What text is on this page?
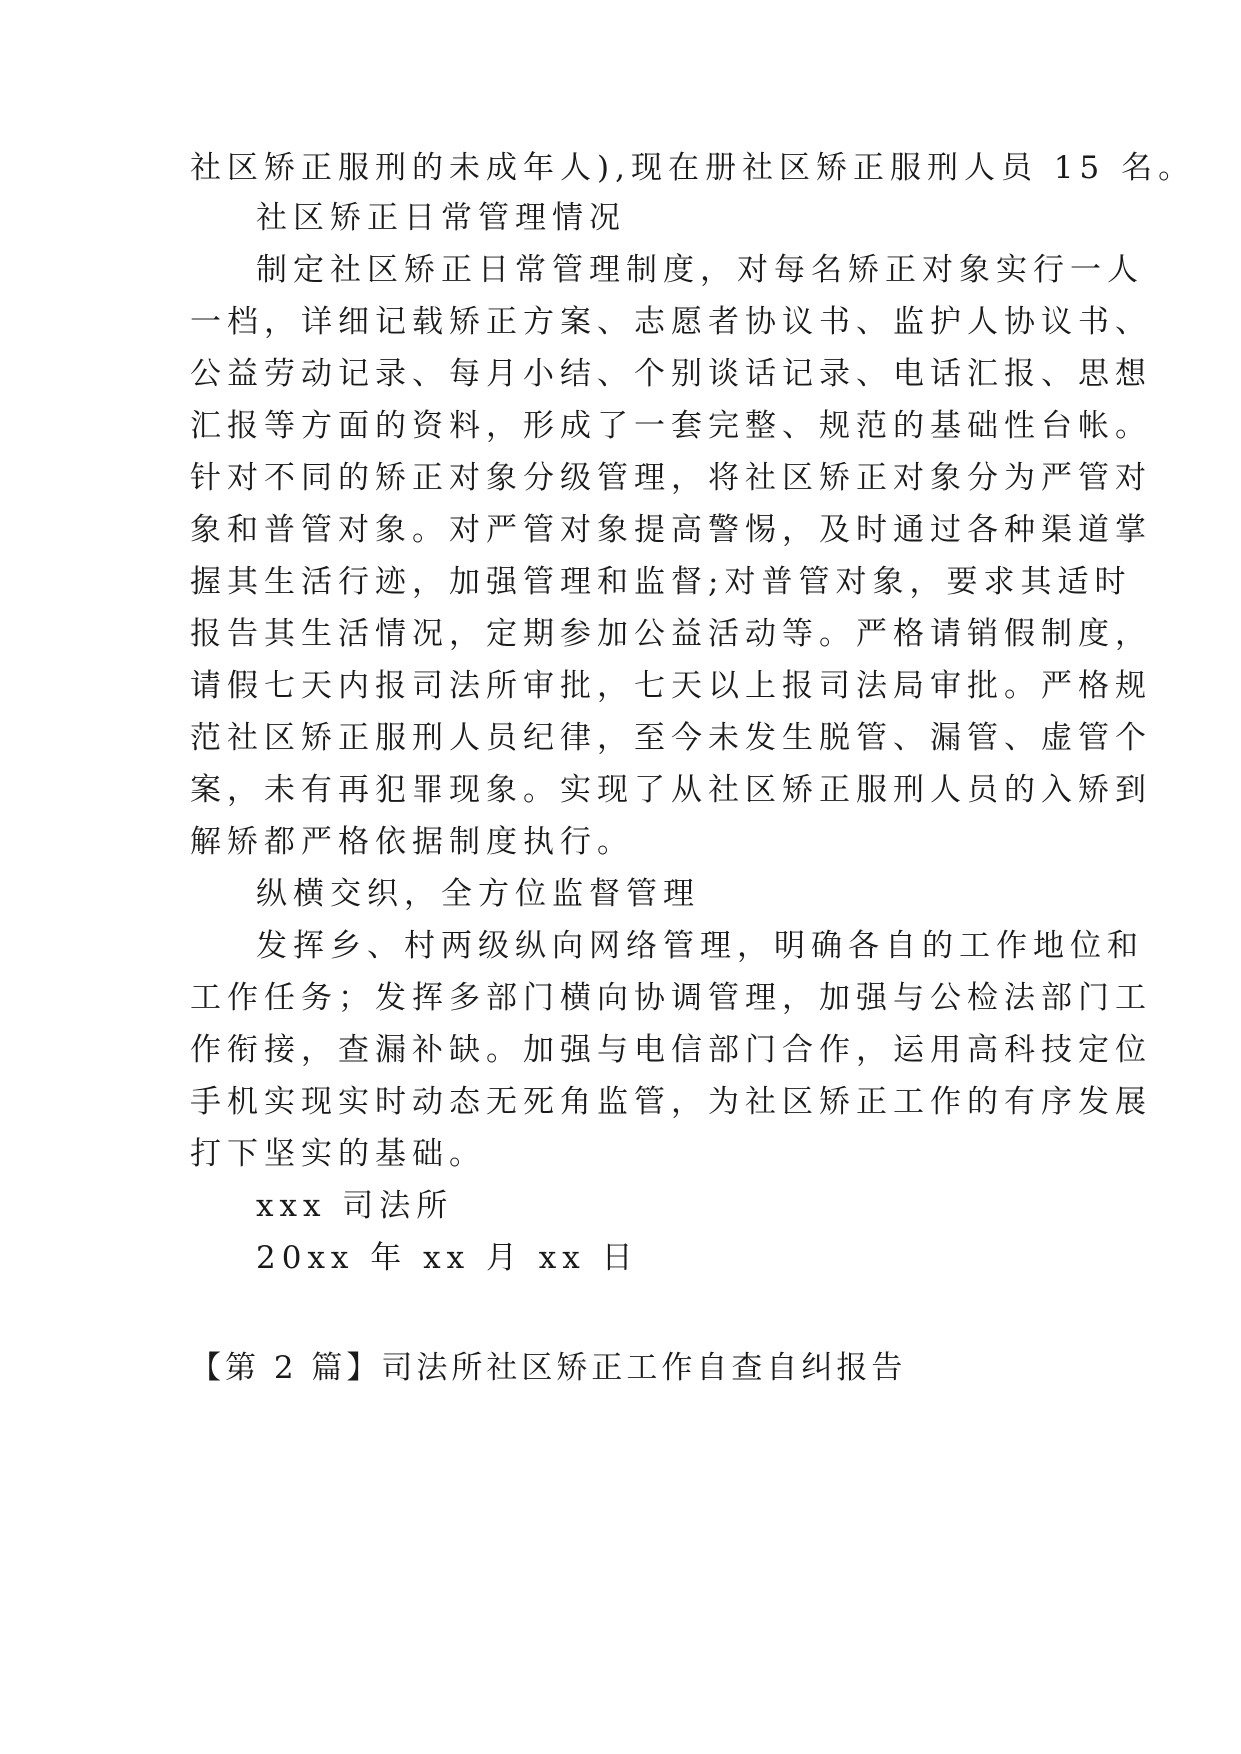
社区矫正服刑的未成年人),现在册社区矫正服刑人员 15 名。
社区矫正日常管理情况
制定社区矫正日常管理制度，对每名矫正对象实行一人
一档，详细记载矫正方案、志愿者协议书、监护人协议书、
公益劳动记录、每月小结、个别谈话记录、电话汇报、思想
汇报等方面的资料，形成了一套完整、规范的基础性台帐。
针对不同的矫正对象分级管理，将社区矫正对象分为严管对
象和普管对象。对严管对象提高警惕，及时通过各种渠道掌
握其生活行迹，加强管理和监督;对普管对象，要求其适时
报告其生活情况，定期参加公益活动等。严格请销假制度，
请假七天内报司法所审批，七天以上报司法局审批。严格规
范社区矫正服刑人员纪律，至今未发生脱管、漏管、虚管个
案，未有再犯罪现象。实现了从社区矫正服刑人员的入矫到
解矫都严格依据制度执行。
纵横交织，全方位监督管理
发挥乡、村两级纵向网络管理，明确各自的工作地位和
工作任务；发挥多部门横向协调管理，加强与公检法部门工
作衔接，查漏补缺。加强与电信部门合作，运用高科技定位
手机实现实时动态无死角监管，为社区矫正工作的有序发展
打下坚实的基础。
xxx 司法所
20xx 年 xx 月 xx 日
【第 2 篇】司法所社区矫正工作自查自纠报告
